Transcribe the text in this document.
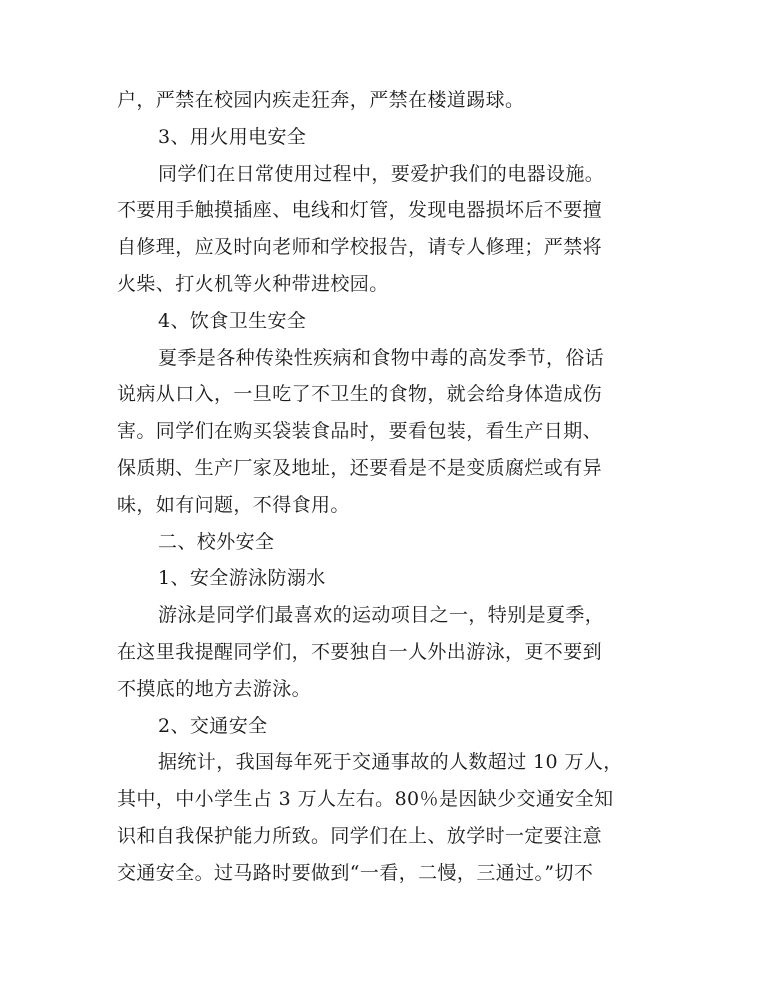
户，严禁在校园内疾走狂奔，严禁在楼道踢球。
3、用火用电安全
同学们在日常使用过程中，要爱护我们的电器设施。
不要用手触摸插座、电线和灯管，发现电器损坏后不要擅
自修理，应及时向老师和学校报告，请专人修理；严禁将
火柴、打火机等火种带进校园。
4、饮食卫生安全
夏季是各种传染性疾病和食物中毒的高发季节，俗话
说病从口入，一旦吃了不卫生的食物，就会给身体造成伤
害。同学们在购买袋装食品时，要看包装，看生产日期、
保质期、生产厂家及地址，还要看是不是变质腐烂或有异
味，如有问题，不得食用。
二、校外安全
1、安全游泳防溺水
游泳是同学们最喜欢的运动项目之一，特别是夏季，
在这里我提醒同学们，不要独自一人外出游泳，更不要到
不摸底的地方去游泳。
2、交通安全
据统计，我国每年死于交通事故的人数超过 10 万人，
其中，中小学生占 3 万人左右。80％是因缺少交通安全知
识和自我保护能力所致。同学们在上、放学时一定要注意
交通安全。过马路时要做到“一看，二慢，三通过。”切不
